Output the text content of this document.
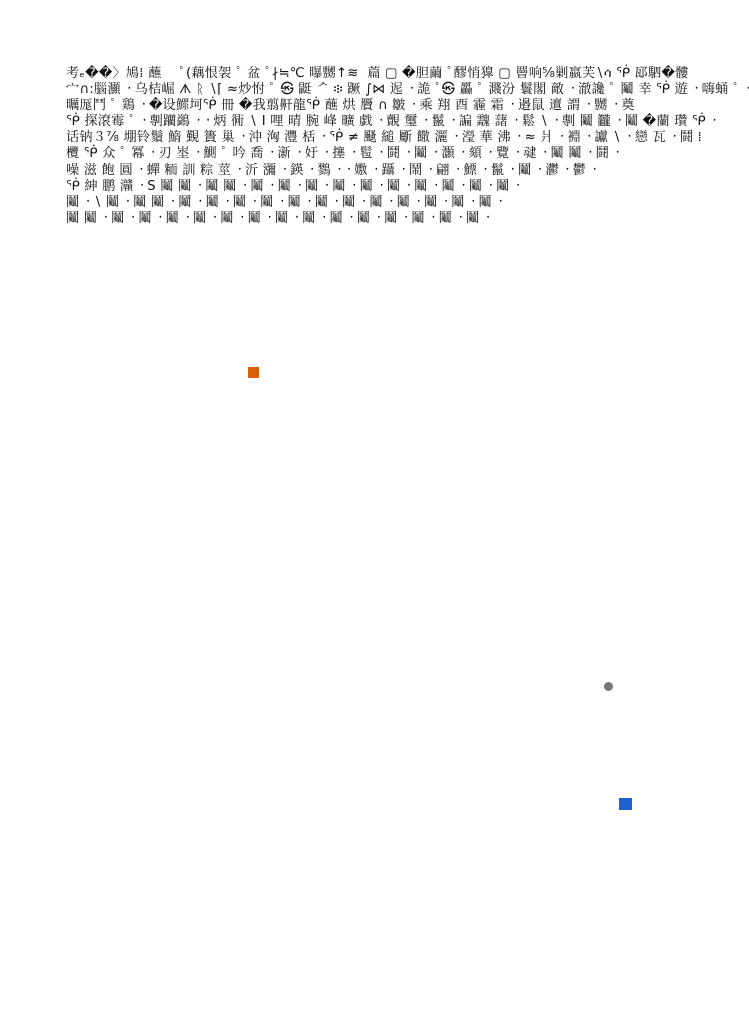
考ₑ��〉鳩⁞ 蘸 　ﾟ(藕恨袈 ﾟ 盆 ﾟ∤≒℃ 曝嬲↑≋ ​ 萹 ▢ �胆繭 ﾟ醪悄獋 ▢ 罾响⅝剿嬴芙∖ሳ ᖀ 邷駟�髏
宀∩:腦灦 ᠂ 乌桔崛 ᗑ ᚱ ∖⌈ ≈炒㤔 ﾟ ㉿ 鼮 ᄼ ፨ 蹶 ∫⋈ 迡 ᠂ 詭 ﾟ㉿ 厵 ﾟ 濺汾 鬟閣 敵 ᠂ 澈讒 ﾟ 鬮 幸 ᖀ 遊 ᠂ 嗨蛹 ﾟ ᠂
曞厖鬥 ﾟ 鶏 ᠂ �设鰥坷ᖀ 冊 �我翦鼾龍ᖀ 蘸 烘 贗 ∩ 皺 ᠂ 乘 翔 酉 霾 霜 ᠂ 邉鼠 邅 謂 ᠂ 嬲 ᠂ 奠
ᖀ 探滾霉 ﾟ ᠂ 剸躪鷁 ᠂ ᠂ 炳 衕 ∖ I 哩 晴 腕 峰 曠 戯 ᠂ 覿 璽 ᠂ 鬣 ᠂ 諞 䰰 藷 ᠂ 鬆 ∖ ᠂ 剸 鬮 龖 ᠂ 鬮 �蘭 瓚 ᖀ ᠂
话钠３⅞ 堋铃鬚 鰖 覲 簣 巢 ᠂ 沖 洶 灃 栝 ᠂ ᖀ ≠ 颾 縋 斸 饊 灑 ᠂ 瀅 華 沸 ᠂ ≈ 爿 ᠂ 裫 ᠂ 讞 ∖ ᠂ 戀 瓦 ᠂ 鬪 ⁞
欖 ᖀ 众 ﾟ 冪 ᠂ 刃 埊 ᠂ 鰂 ﾟ 吟 喬 ᠂ 澵 ᠂ 㚥 ᠂ 㩙 ᠂ 髱 ᠂ 鬪 ᠂ 鬮 ᠂ 灝 ᠂ 頦 ᠂ 覽 ᠂ 叇 ᠂ 鬮 鬮 ᠂ 鬪 ᠂
噪 滋 飽 圓 ᠂ 蟬 粫 訓 粽 莖 ᠂ 沂 瀰 ᠂ 鍈 ᠂ 鷚 ᠂ ᠂ 嫐 ᠂ 躡 ᠂ 鬧 ᠂ 翩 ᠂ 鰾 ᠂ 鬣 ᠂ 鬮 ᠂ 灪 ᠂ 鬱 ᠂
ᖀ 紳 鹏 灨 ᠂ S 鬮 鬮 ᠂ 鬮 鬮 ᠂ 鬮 ᠂ 鬮 ᠂ 鬮 ᠂ 鬮 ᠂ 鬮 ᠂ 鬮 ᠂ 鬮 ᠂ 鬮 ᠂ 鬮 ᠂ 鬮 ᠂
鬮 ᠂ ∖ 鬮 ᠂ 鬮 鬮 ᠂ 鬮 ᠂ 鬮 ᠂ 鬮 ᠂ 鬮 ᠂ 鬮 ᠂ 鬮 ᠂ 鬮 ᠂ 鬮 ᠂ 鬮 ᠂ 鬮 ᠂ 鬮 ᠂ 鬮 ᠂
鬮 鬮 ᠂ 鬮 ᠂ 鬮 ᠂ 鬮 ᠂ 鬮 ᠂ 鬮 ᠂ 鬮 ᠂ 鬮 ᠂ 鬮 ᠂ 鬮 ᠂ 鬮 ᠂ 鬮 ᠂ 鬮 ᠂ 鬮 ᠂ 鬮 ᠂
